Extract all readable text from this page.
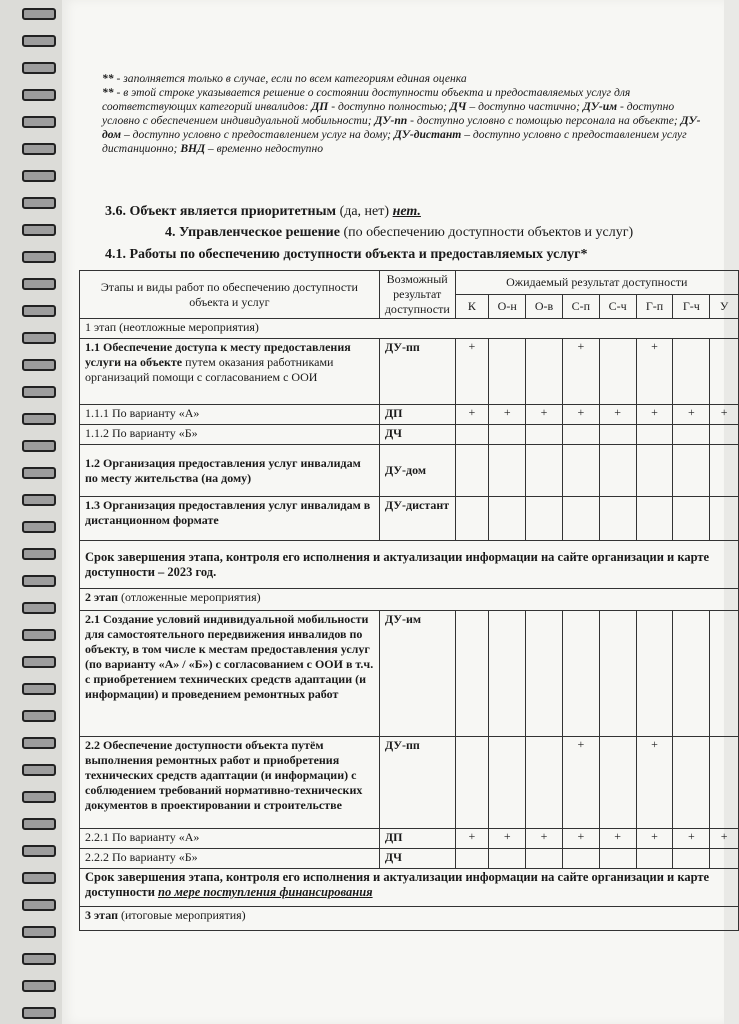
** - заполняется только в случае, если по всем категориям единая оценка

** - в этой строке указывается решение о состоянии доступности объекта и предоставляемых услуг для соответствующих категорий инвалидов: ДП - доступно полностью; ДЧ – доступно частично; ДУ-им - доступно условно с обеспечением индивидуальной мобильности; ДУ-пп - доступно условно с помощью персонала на объекте; ДУ-дом – доступно условно с предоставлением услуг на дому; ДУ-дистант – доступно условно с предоставлением услуг дистанционно; ВНД – временно недоступно

3.6. Объект является приоритетным (да, нет) нет.
4. Управленческое решение (по обеспечению доступности объектов и услуг)
4.1. Работы по обеспечению доступности объекта и предоставляемых услуг*
Этапы и виды работ по обеспечению доступности объекта и услуг	Возможный результат доступности	Ожидаемый результат доступности							
		К	О-н	О-в	С-п	С-ч	Г-п	Г-ч	У
1 этап (неотложные мероприятия)									
1.1 Обеспечение доступа к месту предоставления услуги на объекте путем оказания работниками организаций помощи с согласованием с ООИ	ДУ-пп	+			+		+		
1.1.1 По варианту «А»	ДП	+	+	+	+	+	+	+	+
1.1.2 По варианту «Б»	ДЧ								
1.2 Организация предоставления услуг инвалидам по месту жительства (на дому)	ДУ-дом								
1.3 Организация предоставления услуг инвалидам в дистанционном формате	ДУ-дистант								
Срок завершения этапа, контроля его исполнения и актуализации информации на сайте организации и карте доступности – 2023 год.									
2 этап (отложенные мероприятия)									
2.1 Создание условий индивидуальной мобильности для самостоятельного передвижения инвалидов по объекту, в том числе к местам предоставления услуг (по варианту «А» / «Б») с согласованием с ООИ в т.ч. с приобретением технических средств адаптации (и информации) и проведением ремонтных работ	ДУ-им								
2.2 Обеспечение доступности объекта путём выполнения ремонтных работ и приобретения технических средств адаптации (и информации) с соблюдением требований нормативно-технических документов в проектировании и строительстве	ДУ-пп				+		+		
2.2.1 По варианту «А»	ДП	+	+	+	+	+	+	+	+
2.2.2 По варианту «Б»	ДЧ								
Срок завершения этапа, контроля его исполнения и актуализации информации на сайте организации и карте доступности по мере поступления финансирования									
3 этап (итоговые мероприятия)									
